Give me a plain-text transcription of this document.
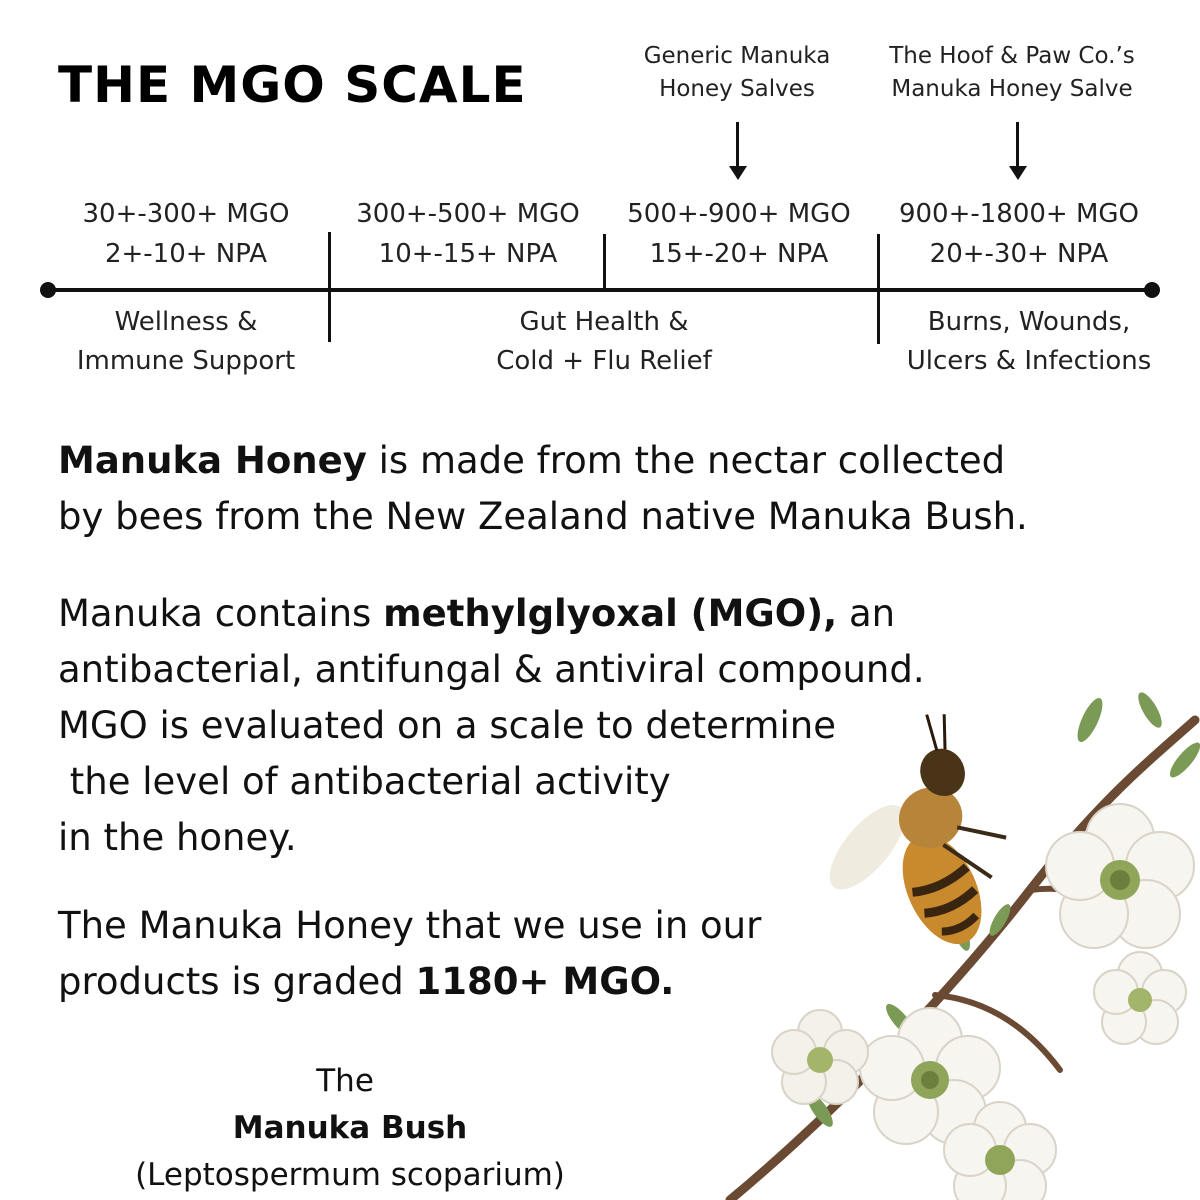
THE MGO SCALE	Generic Manuka
Honey Salves
The Hoof & Paw Co.’s
Manuka Honey Salve
30+-300+ MGO
2+-10+ NPA
300+-500+ MGO
10+-15+ NPA
500+-900+ MGO
15+-20+ NPA
900+-1800+ MGO
20+-30+ NPA
Wellness &
Immune Support
Gut Health &
Cold + Flu Relief
Burns, Wounds,
Ulcers & Infections

Manuka Honey is made from the nectar collected
by bees from the New Zealand native Manuka Bush.

Manuka contains methylglyoxal (MGO), an
antibacterial, antifungal & antiviral compound.
MGO is evaluated on a scale to determine
the level of antibacterial activity
in the honey.

The Manuka Honey that we use in our
products is graded 1180+ MGO.

The
Manuka Bush
(Leptospermum scoparium)
